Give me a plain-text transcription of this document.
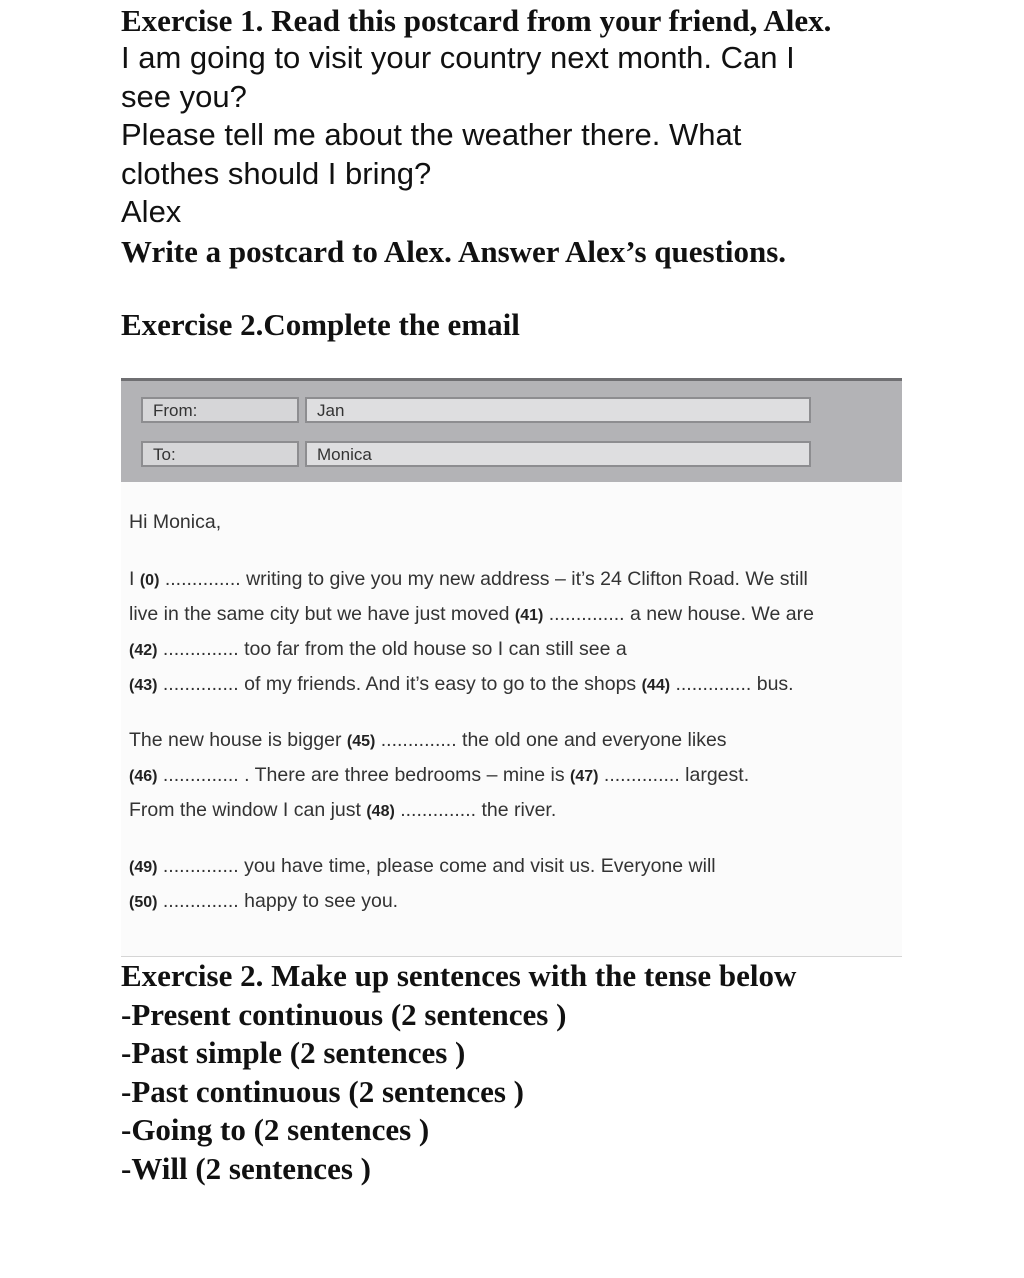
Exercise 1. Read this postcard from your friend, Alex.
I am going to visit your country next month. Can I
see you?
Please tell me about the weather there. What
clothes should I bring?
Alex
Write a postcard to Alex. Answer Alex’s questions.
Exercise 2.Complete the email
From:	Jan
To:	Monica
Hi Monica,
I (0) .............. writing to give you my new address – it’s 24 Clifton Road. We still
live in the same city but we have just moved (41) .............. a new house. We are
(42) .............. too far from the old house so I can still see a
(43) .............. of my friends. And it’s easy to go to the shops (44) .............. bus.
The new house is bigger (45) .............. the old one and everyone likes
(46) .............. . There are three bedrooms – mine is (47) .............. largest.
From the window I can just (48) .............. the river.
(49) .............. you have time, please come and visit us. Everyone will
(50) .............. happy to see you.
Exercise 2. Make up sentences with the tense below
-Present continuous (2 sentences )
-Past simple (2 sentences )
-Past continuous (2 sentences )
-Going to (2 sentences )
-Will (2 sentences )
